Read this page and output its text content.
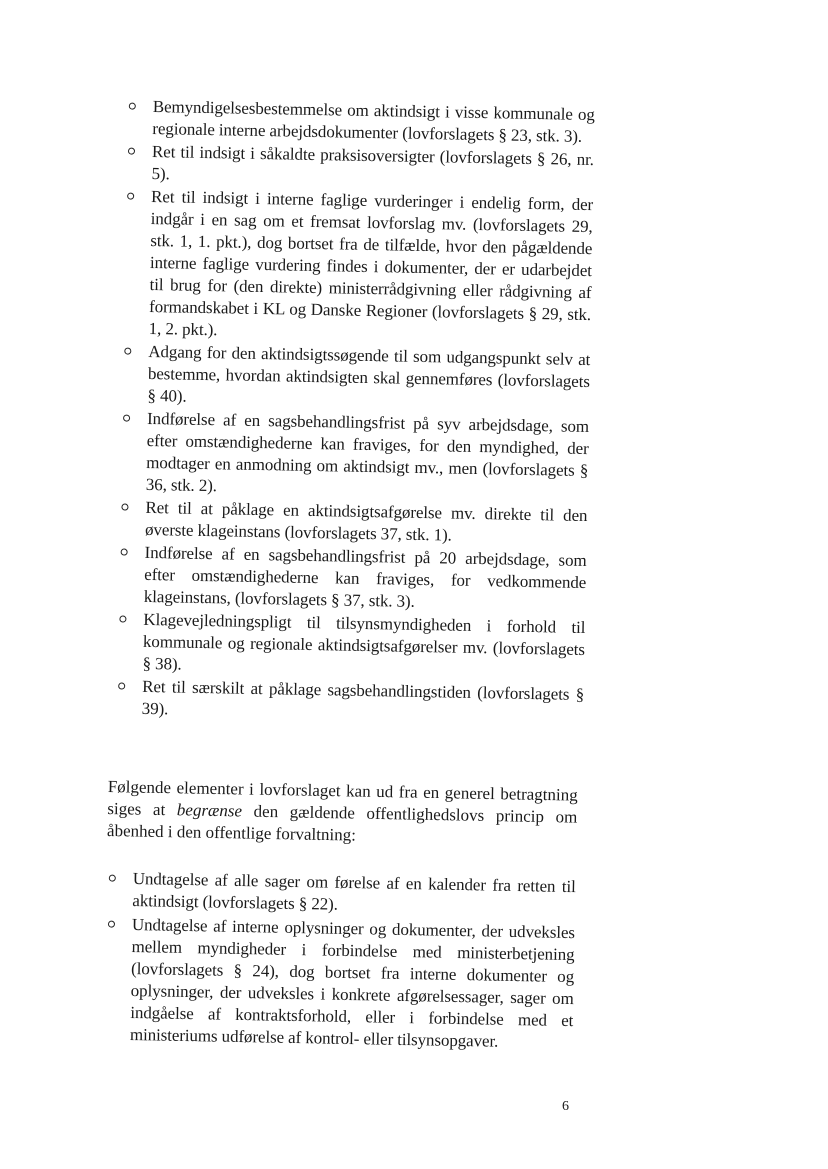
Bemyndigelsesbestemmelse om aktindsigt i visse kommunale og regionale interne arbejdsdokumenter (lovforslagets § 23, stk. 3).
Ret til indsigt i såkaldte praksisoversigter (lovforslagets § 26, nr. 5).
Ret til indsigt i interne faglige vurderinger i endelig form, der indgår i en sag om et fremsat lovforslag mv. (lovforslagets 29, stk. 1, 1. pkt.), dog bortset fra de tilfælde, hvor den pågældende interne faglige vurdering findes i dokumenter, der er udarbejdet til brug for (den direkte) ministerrådgivning eller rådgivning af formandskabet i KL og Danske Regioner (lovforslagets § 29, stk. 1, 2. pkt.).
Adgang for den aktindsigtssøgende til som udgangspunkt selv at bestemme, hvordan aktindsigten skal gennemføres (lovforslagets § 40).
Indførelse af en sagsbehandlingsfrist på syv arbejdsdage, som efter omstændighederne kan fraviges, for den myndighed, der modtager en anmodning om aktindsigt mv., men (lovforslagets § 36, stk. 2).
Ret til at påklage en aktindsigtsafgørelse mv. direkte til den øverste klageinstans (lovforslagets 37, stk. 1).
Indførelse af en sagsbehandlingsfrist på 20 arbejdsdage, som efter omstændighederne kan fraviges, for vedkommende klageinstans, (lovforslagets § 37, stk. 3).
Klagevejledningspligt til tilsynsmyndigheden i forhold til kommunale og regionale aktindsigtsafgørelser mv. (lovforslagets § 38).
Ret til særskilt at påklage sagsbehandlingstiden (lovforslagets § 39).

Følgende elementer i lovforslaget kan ud fra en generel betragtning siges at begrænse den gældende offentlighedslovs princip om åbenhed i den offentlige forvaltning:

Undtagelse af alle sager om førelse af en kalender fra retten til aktindsigt (lovforslagets § 22).
Undtagelse af interne oplysninger og dokumenter, der udveksles mellem myndigheder i forbindelse med ministerbetjening (lovforslagets § 24), dog bortset fra interne dokumenter og oplysninger, der udveksles i konkrete afgørelsessager, sager om indgåelse af kontraktsforhold, eller i forbindelse med et ministeriums udførelse af kontrol- eller tilsynsopgaver.
6
